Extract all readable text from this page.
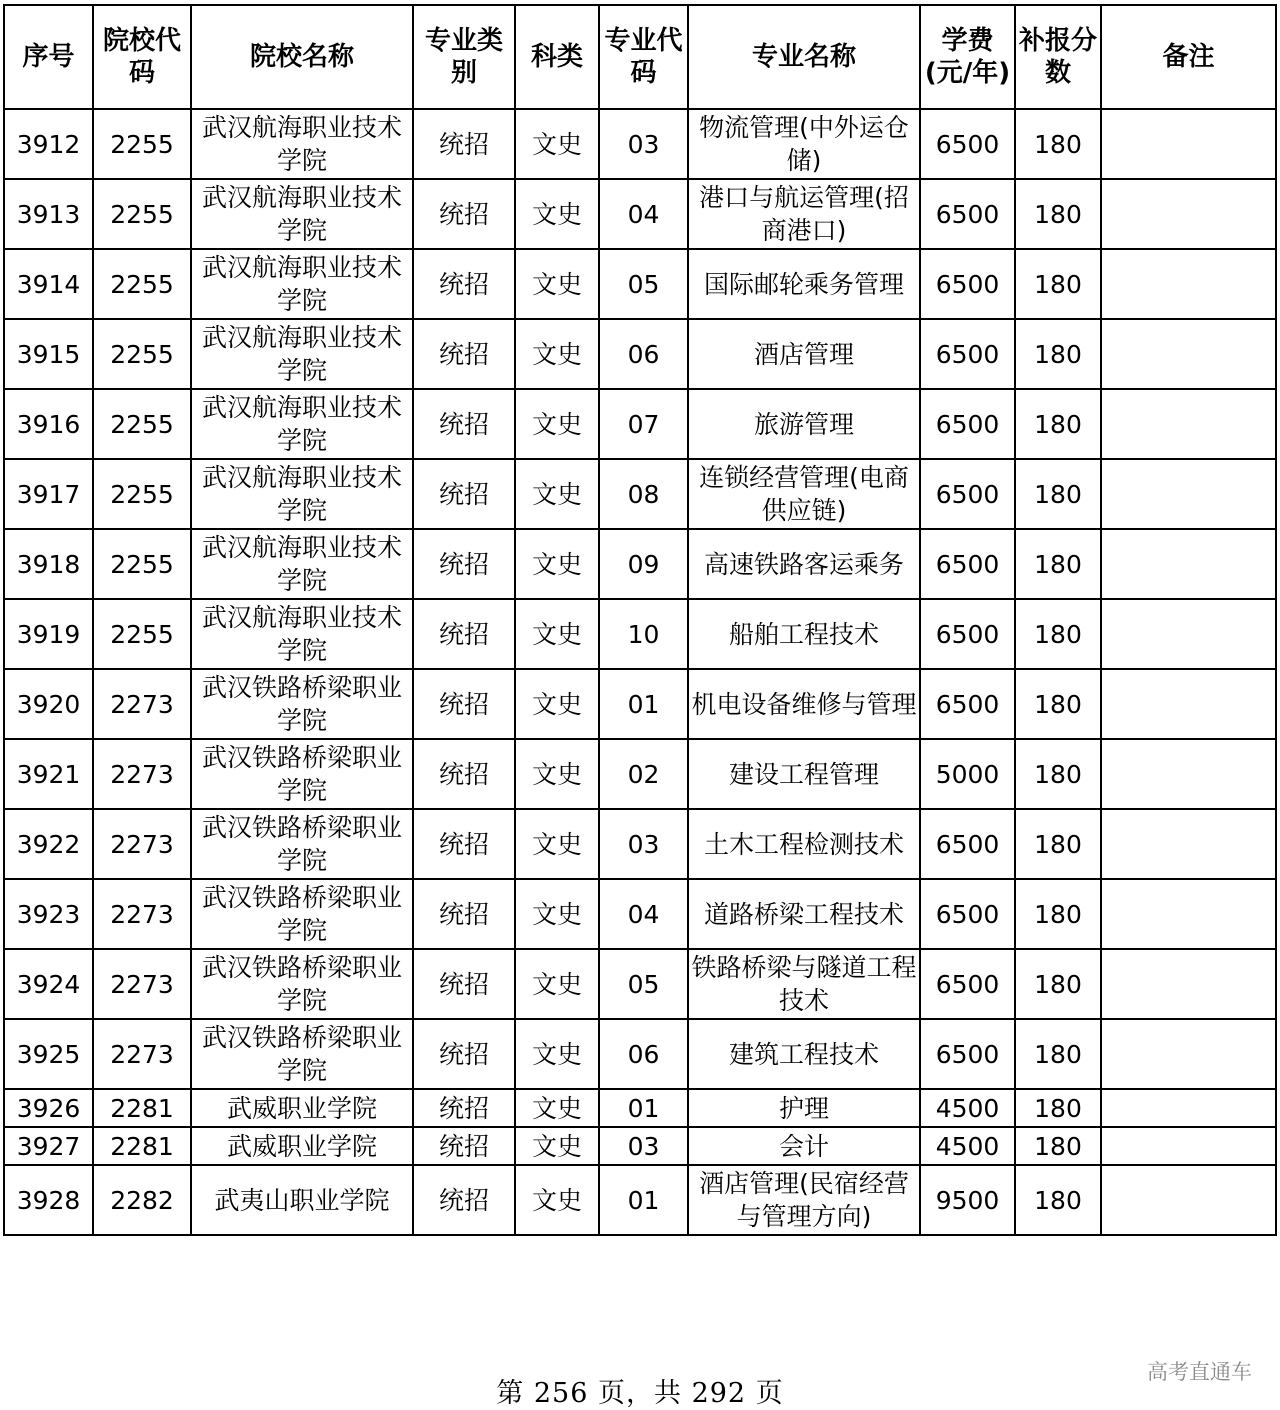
序号	院校代码	院校名称	专业类别	科类	专业代码	专业名称	学费(元/年)	补报分数	备注
3912	2255	武汉航海职业技术学院	统招	文史	03	物流管理(中外运仓储)	6500	180	
3913	2255	武汉航海职业技术学院	统招	文史	04	港口与航运管理(招商港口)	6500	180	
3914	2255	武汉航海职业技术学院	统招	文史	05	国际邮轮乘务管理	6500	180	
3915	2255	武汉航海职业技术学院	统招	文史	06	酒店管理	6500	180	
3916	2255	武汉航海职业技术学院	统招	文史	07	旅游管理	6500	180	
3917	2255	武汉航海职业技术学院	统招	文史	08	连锁经营管理(电商供应链)	6500	180	
3918	2255	武汉航海职业技术学院	统招	文史	09	高速铁路客运乘务	6500	180	
3919	2255	武汉航海职业技术学院	统招	文史	10	船舶工程技术	6500	180	
3920	2273	武汉铁路桥梁职业学院	统招	文史	01	机电设备维修与管理	6500	180	
3921	2273	武汉铁路桥梁职业学院	统招	文史	02	建设工程管理	5000	180	
3922	2273	武汉铁路桥梁职业学院	统招	文史	03	土木工程检测技术	6500	180	
3923	2273	武汉铁路桥梁职业学院	统招	文史	04	道路桥梁工程技术	6500	180	
3924	2273	武汉铁路桥梁职业学院	统招	文史	05	铁路桥梁与隧道工程技术	6500	180	
3925	2273	武汉铁路桥梁职业学院	统招	文史	06	建筑工程技术	6500	180	
3926	2281	武威职业学院	统招	文史	01	护理	4500	180	
3927	2281	武威职业学院	统招	文史	03	会计	4500	180	
3928	2282	武夷山职业学院	统招	文史	01	酒店管理(民宿经营与管理方向)	9500	180	
第 256 页，共 292 页
高考直通车
